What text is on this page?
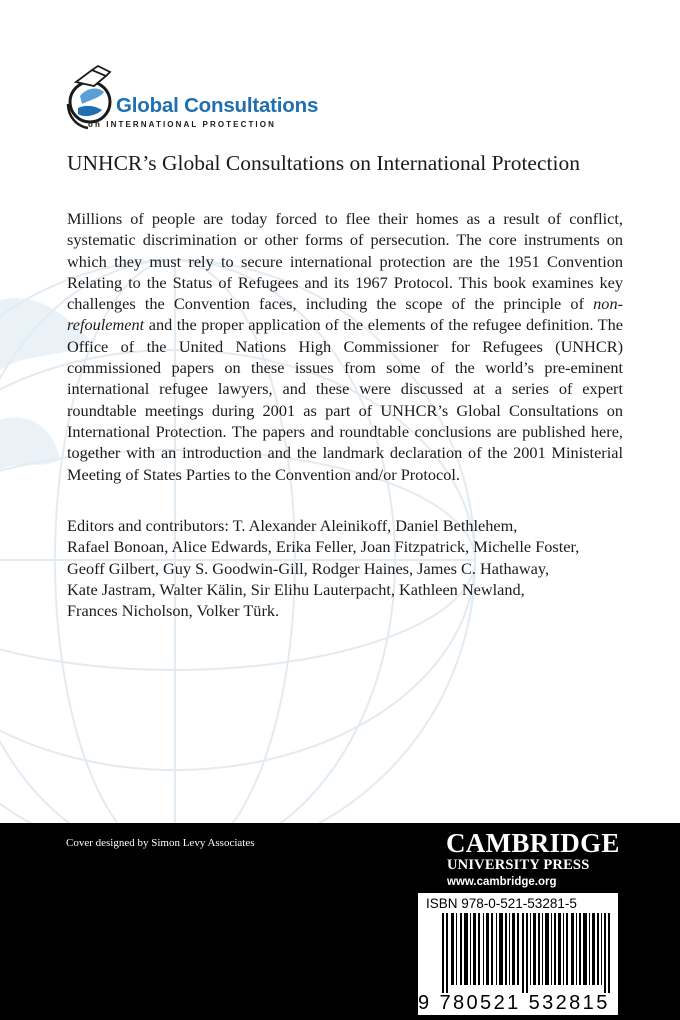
Global Consultations
on INTERNATIONAL PROTECTION
UNHCR’s Global Consultations on International Protection

Millions of people are today forced to flee their homes as a result of conflict, systematic discrimination or other forms of persecution. The core instruments on which they must rely to secure international protection are the 1951 Convention Relating to the Status of Refugees and its 1967 Protocol. This book examines key challenges the Convention faces, including the scope of the principle of non-refoulement and the proper application of the elements of the refugee definition. The Office of the United Nations High Commissioner for Refugees (UNHCR) commissioned papers on these issues from some of the world’s pre-eminent international refugee lawyers, and these were discussed at a series of expert roundtable meetings during 2001 as part of UNHCR’s Global Consultations on International Protection. The papers and roundtable conclusions are published here, together with an introduction and the landmark declaration of the 2001 Ministerial Meeting of States Parties to the Convention and/or Protocol.

Editors and contributors: T. Alexander Aleinikoff, Daniel Bethlehem,
Rafael Bonoan, Alice Edwards, Erika Feller, Joan Fitzpatrick, Michelle Foster,
Geoff Gilbert, Guy S. Goodwin-Gill, Rodger Haines, James C. Hathaway,
Kate Jastram, Walter Kälin, Sir Elihu Lauterpacht, Kathleen Newland,
Frances Nicholson, Volker Türk.

Cover designed by Simon Levy Associates	CAMBRIDGE
UNIVERSITY PRESS
www.cambridge.org
ISBN 978-0-521-53281-5
9 780521 532815
